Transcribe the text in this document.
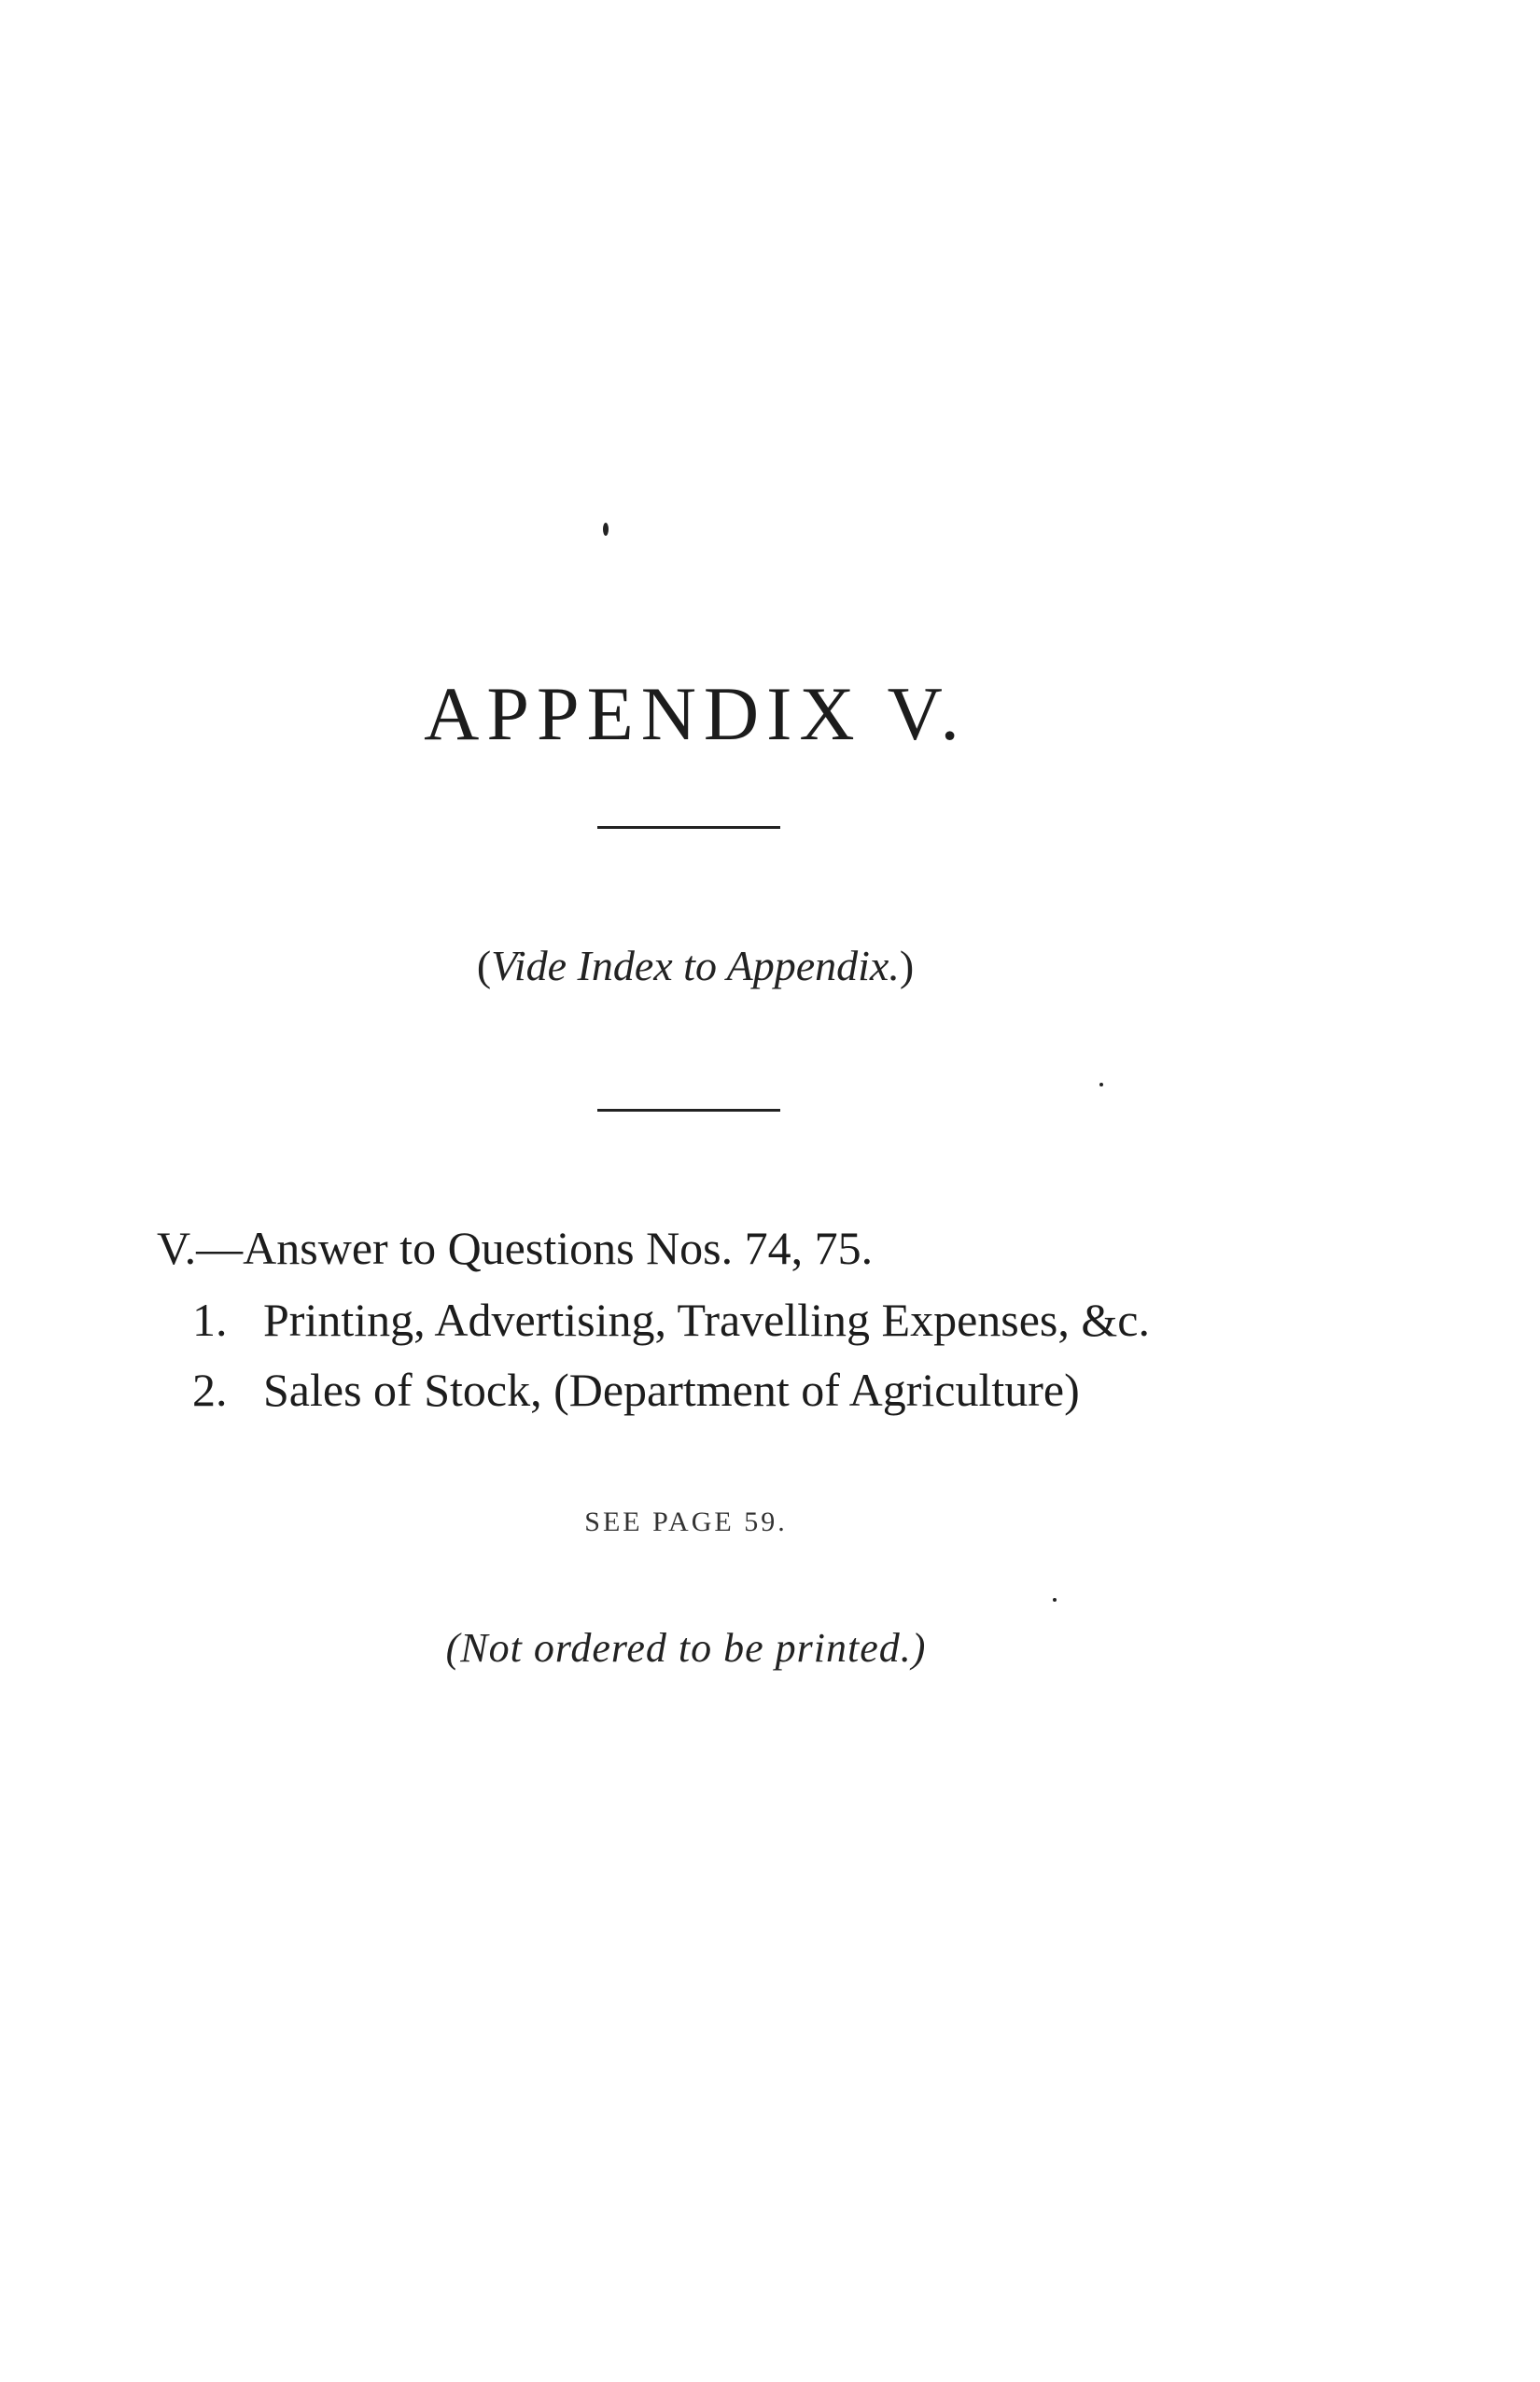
APPENDIX V.
(Vide Index to Appendix.)
V.—Answer to Questions Nos. 74, 75.
1. Printing, Advertising, Travelling Expenses, &c.
2. Sales of Stock, (Department of Agriculture)
SEE PAGE 59.
(Not ordered to be printed.)
